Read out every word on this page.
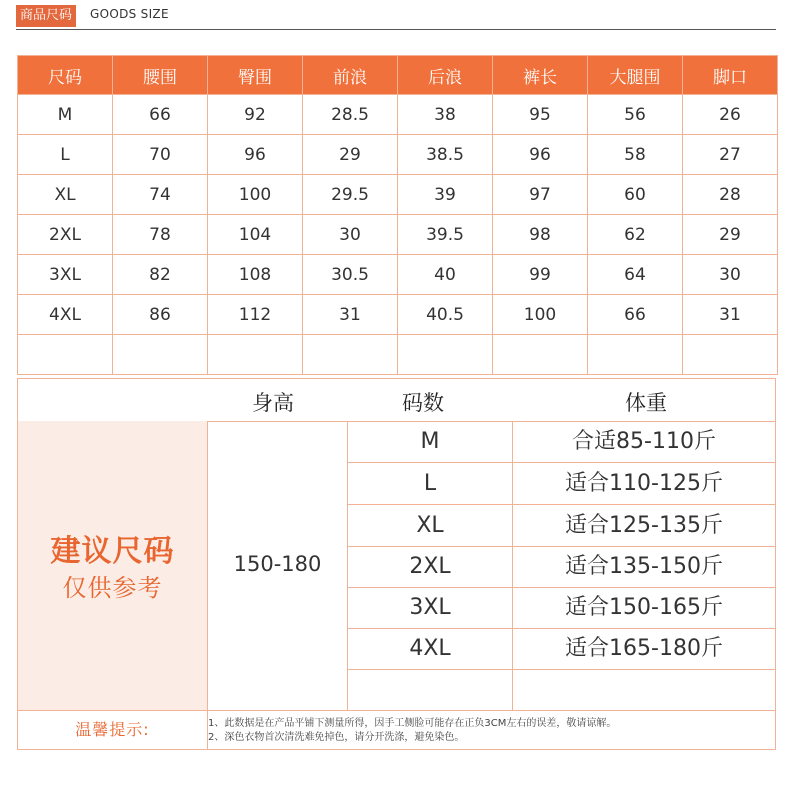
商品尺码	GOODS SIZE
尺码	腰围	臀围	前浪	后浪	裤长	大腿围	脚口
M	66	92	28.5	38	95	56	26
L	70	96	29	38.5	96	58	27
XL	74	100	29.5	39	97	60	28
2XL	78	104	30	39.5	98	62	29
3XL	82	108	30.5	40	99	64	30
4XL	86	112	31	40.5	100	66	31

身高	码数	体重
建议尺码
仅供参考
150-180
M	合适85-110斤
L	适合110-125斤
XL	适合125-135斤
2XL	适合135-150斤
3XL	适合150-165斤
4XL	适合165-180斤
温馨提示:	1、此数据是在产品平铺下测量所得，因手工侧脸可能存在正负3CM左右的误差，敬请谅解。
2、深色衣物首次清洗难免掉色，请分开洗涤，避免染色。
